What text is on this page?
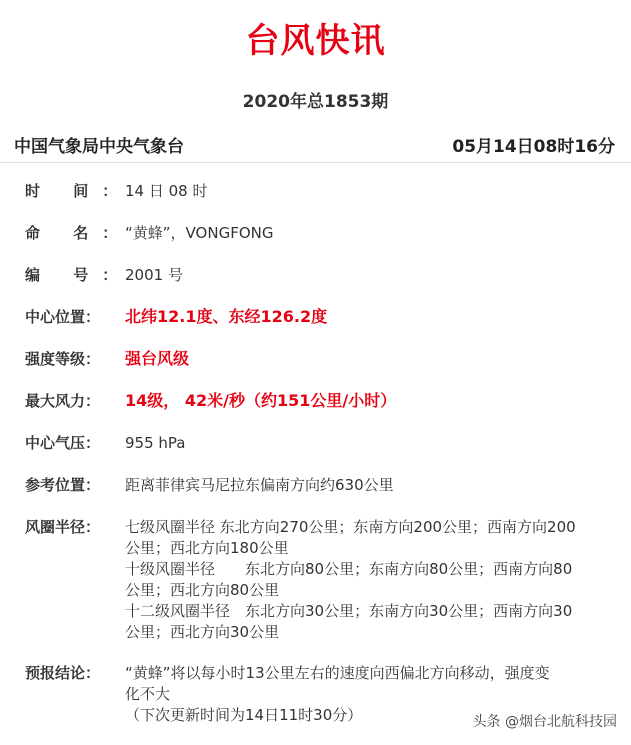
台风快讯
2020年总1853期
中国气象局中央气象台	05月14日08时16分
时 间：
14 日 08 时
命 名：
“黄蜂”，VONGFONG
编 号：
2001 号
中心位置：	北纬12.1度、东经126.2度
强度等级：	强台风级
最大风力：	14级， 42米/秒（约151公里/小时）
中心气压：	955 hPa
参考位置：	距离菲律宾马尼拉东偏南方向约630公里
风圈半径：	七级风圈半径 东北方向270公里；东南方向200公里；西南方向200
公里；西北方向180公里
十级风圈半径　　东北方向80公里；东南方向80公里；西南方向80
公里；西北方向80公里
十二级风圈半径　东北方向30公里；东南方向30公里；西南方向30
公里；西北方向30公里
预报结论：	“黄蜂”将以每小时13公里左右的速度向西偏北方向移动，强度变
化不大
（下次更新时间为14日11时30分）	头条 @烟台北航科技园
